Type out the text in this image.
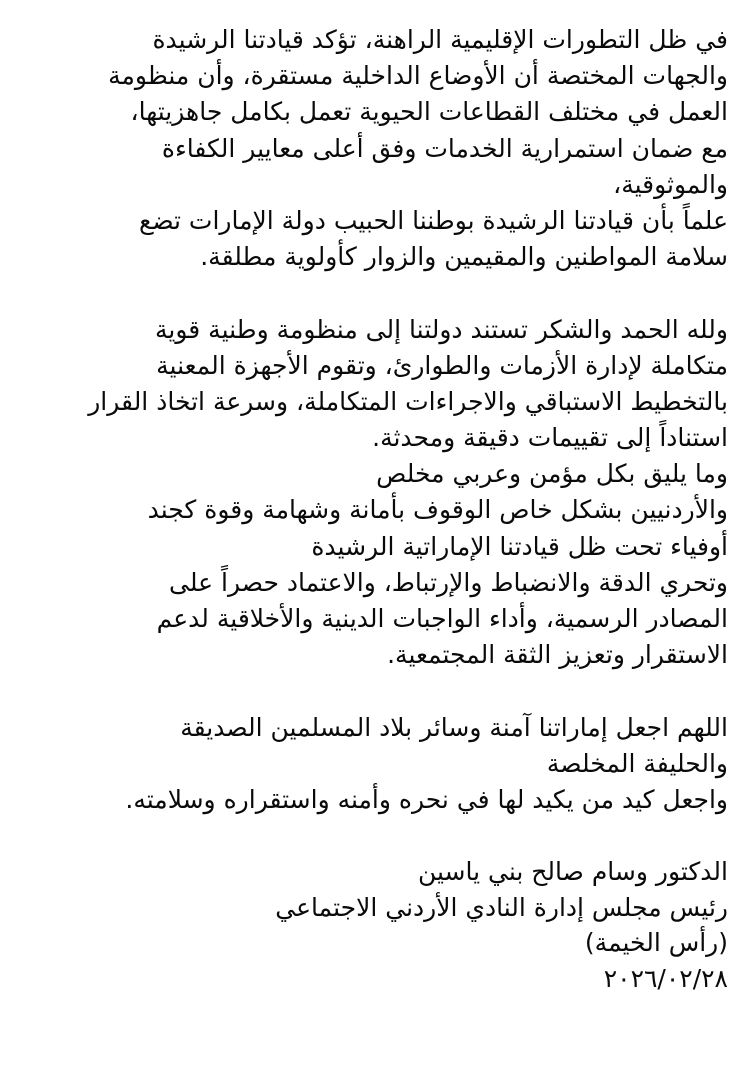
في ظل التطورات الإقليمية الراهنة، تؤكد قيادتنا الرشيدة
والجهات المختصة أن الأوضاع الداخلية مستقرة، وأن منظومة
العمل في مختلف القطاعات الحيوية تعمل بكامل جاهزيتها،
مع ضمان استمرارية الخدمات وفق أعلى معايير الكفاءة
والموثوقية،
علماً بأن قيادتنا الرشيدة بوطننا الحبيب دولة الإمارات تضع
سلامة المواطنين والمقيمين والزوار كأولوية مطلقة.
ولله الحمد والشكر تستند دولتنا إلى منظومة وطنية قوية
متكاملة لإدارة الأزمات والطوارئ، وتقوم الأجهزة المعنية
بالتخطيط الاستباقي والاجراءات المتكاملة، وسرعة اتخاذ القرار
استناداً إلى تقييمات دقيقة ومحدثة.
وما يليق بكل مؤمن وعربي مخلص
والأردنيين بشكل خاص الوقوف بأمانة وشهامة وقوة كجند
أوفياء تحت ظل قيادتنا الإماراتية الرشيدة
وتحري الدقة والانضباط والإرتباط، والاعتماد حصراً على
المصادر الرسمية، وأداء الواجبات الدينية والأخلاقية لدعم
الاستقرار وتعزيز الثقة المجتمعية.
اللهم اجعل إماراتنا آمنة وسائر بلاد المسلمين الصديقة
والحليفة المخلصة
واجعل كيد من يكيد لها في نحره وأمنه واستقراره وسلامته.
الدكتور وسام صالح بني ياسين
رئيس مجلس إدارة النادي الأردني الاجتماعي
(رأس الخيمة)
٢٠٢٦/٠٢/٢٨
